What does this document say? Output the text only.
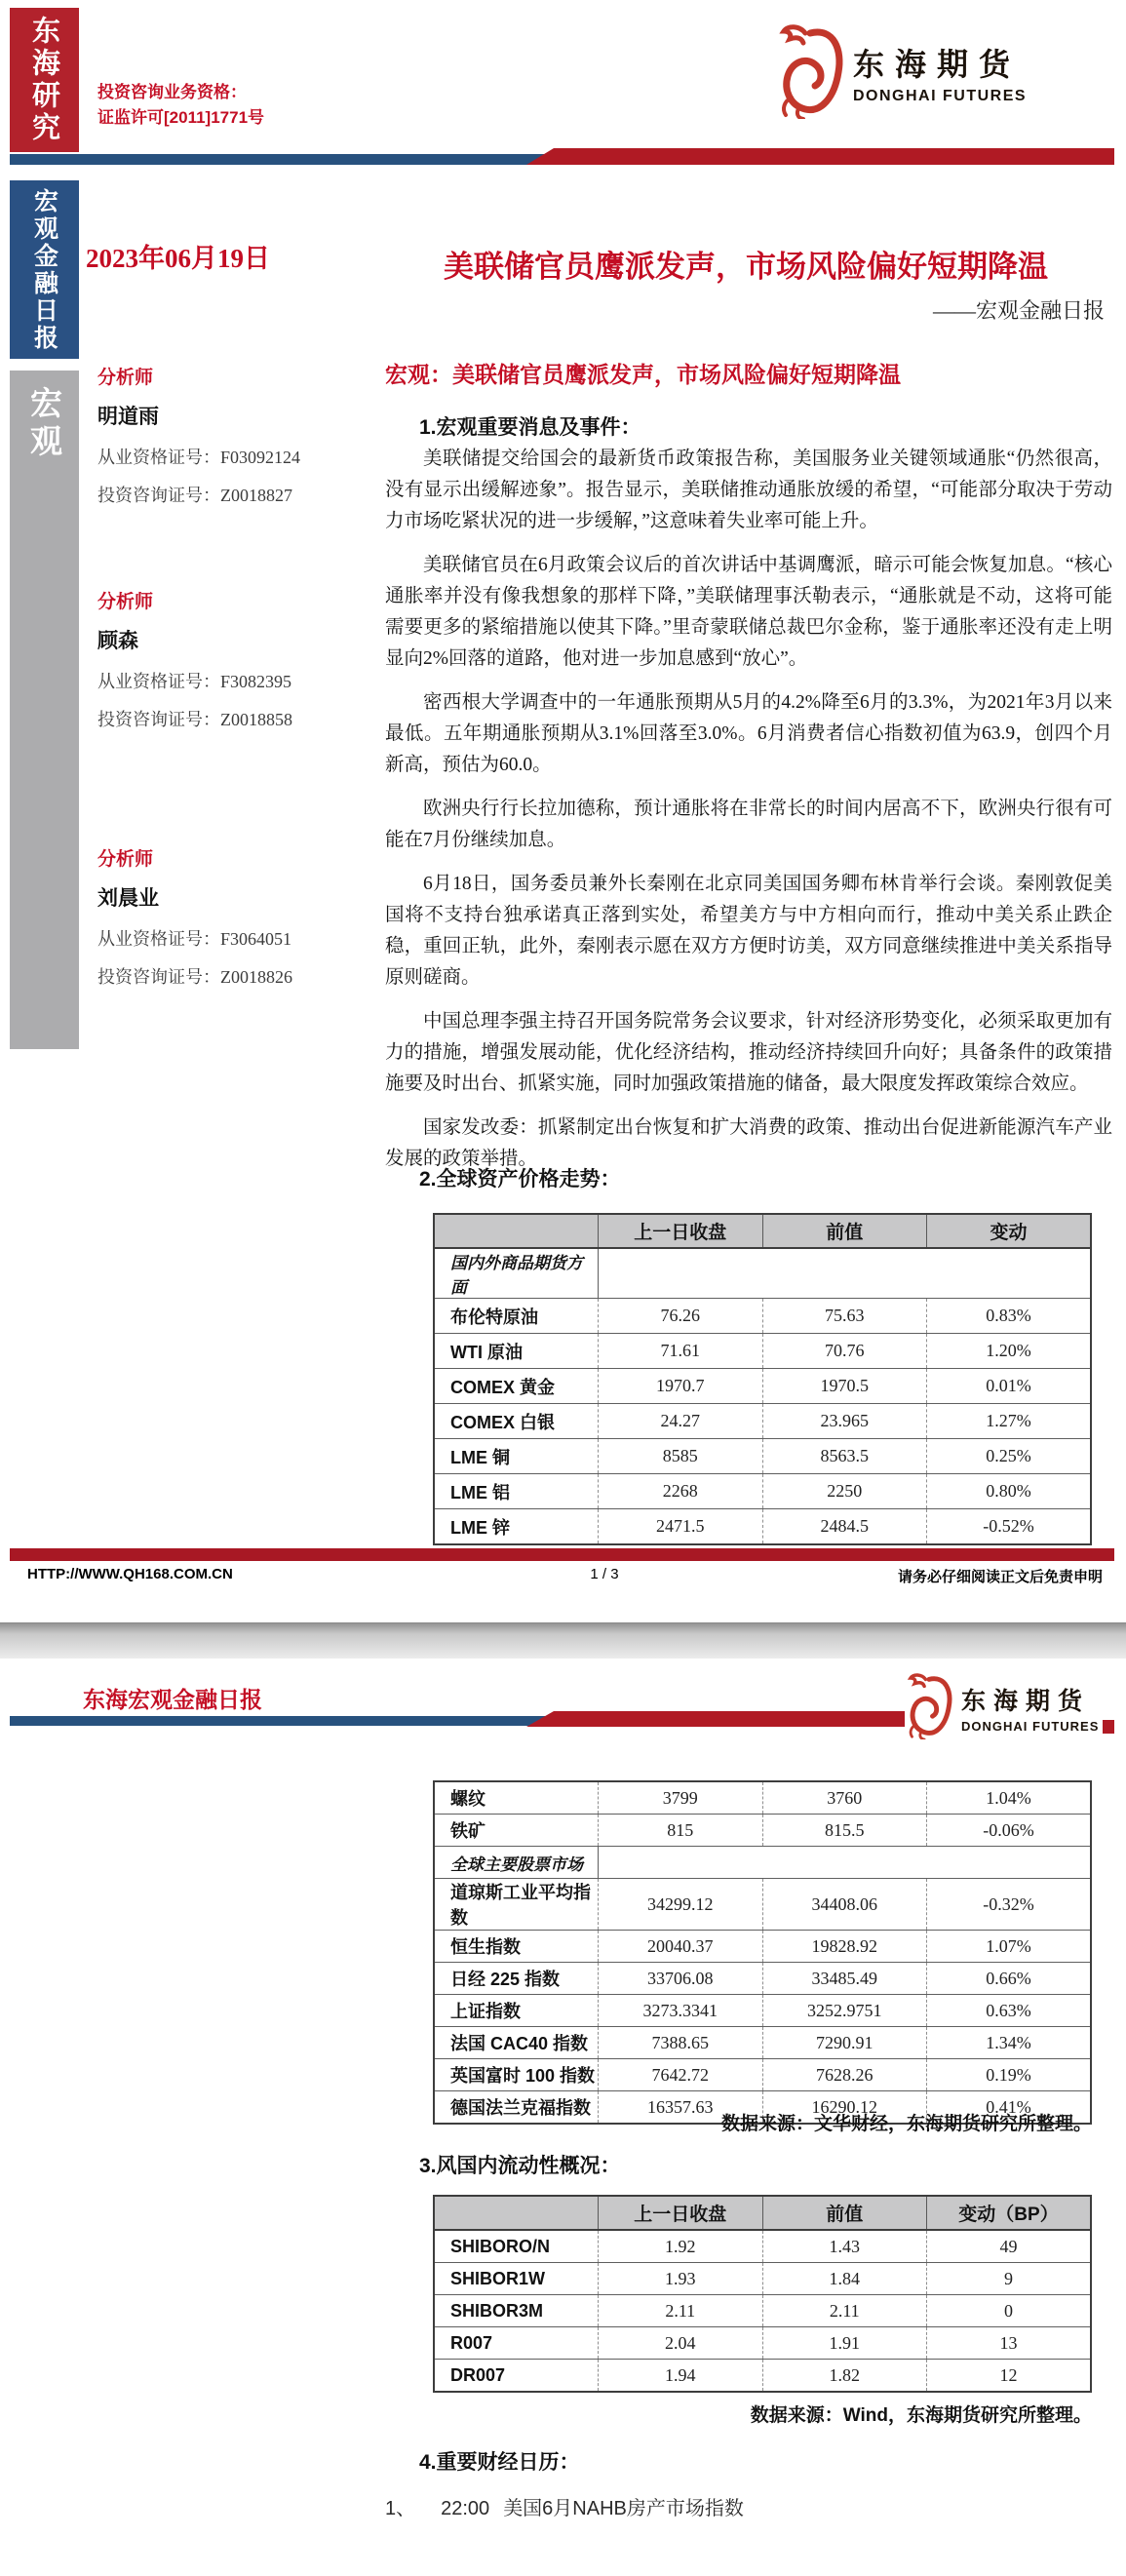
东海研究 投资咨询业务资格：
证监许可[2011]1771号
东海期货
DONGHAI FUTURES
宏观金融日报
宏观
2023年06月19日	美联储官员鹰派发声，市场风险偏好短期降温
——宏观金融日报
分析师
明道雨
从业资格证号：F03092124
投资咨询证号：Z0018827
分析师
顾森
从业资格证号：F3082395
投资咨询证号：Z0018858
分析师
刘晨业
从业资格证号：F3064051
投资咨询证号：Z0018826
宏观：美联储官员鹰派发声，市场风险偏好短期降温
1.宏观重要消息及事件：

美联储提交给国会的最新货币政策报告称，美国服务业关键领域通胀“仍然很高，没有显示出缓解迹象”。报告显示，美联储推动通胀放缓的希望，“可能部分取决于劳动力市场吃紧状况的进一步缓解，”这意味着失业率可能上升。

美联储官员在6月政策会议后的首次讲话中基调鹰派，暗示可能会恢复加息。“核心通胀率并没有像我想象的那样下降，”美联储理事沃勒表示，“通胀就是不动，这将可能需要更多的紧缩措施以使其下降。”里奇蒙联储总裁巴尔金称，鉴于通胀率还没有走上明显向2%回落的道路，他对进一步加息感到“放心”。

密西根大学调查中的一年通胀预期从5月的4.2%降至6月的3.3%，为2021年3月以来最低。五年期通胀预期从3.1%回落至3.0%。6月消费者信心指数初值为63.9，创四个月新高，预估为60.0。

欧洲央行行长拉加德称，预计通胀将在非常长的时间内居高不下，欧洲央行很有可能在7月份继续加息。

6月18日，国务委员兼外长秦刚在北京同美国国务卿布林肯举行会谈。秦刚敦促美国将不支持台独承诺真正落到实处，希望美方与中方相向而行，推动中美关系止跌企稳，重回正轨，此外，秦刚表示愿在双方方便时访美，双方同意继续推进中美关系指导原则磋商。

中国总理李强主持召开国务院常务会议要求，针对经济形势变化，必须采取更加有力的措施，增强发展动能，优化经济结构，推动经济持续回升向好；具备条件的政策措施要及时出台、抓紧实施，同时加强政策措施的储备，最大限度发挥政策综合效应。

国家发改委：抓紧制定出台恢复和扩大消费的政策、推动出台促进新能源汽车产业发展的政策举措。

2.全球资产价格走势：
	上一日收盘	前值	变动
国内外商品期货方面			
布伦特原油	76.26	75.63	0.83%
WTI 原油	71.61	70.76	1.20%
COMEX 黄金	1970.7	1970.5	0.01%
COMEX 白银	24.27	23.965	1.27%
LME 铜	8585	8563.5	0.25%
LME 铝	2268	2250	0.80%
LME 锌	2471.5	2484.5	-0.52%
HTTP://WWW.QH168.COM.CN	1 / 3	请务必仔细阅读正文后免责申明
东海宏观金融日报	东海期货
DONGHAI FUTURES
螺纹	3799	3760	1.04%
铁矿	815	815.5	-0.06%
全球主要股票市场			
道琼斯工业平均指数	34299.12	34408.06	-0.32%
恒生指数	20040.37	19828.92	1.07%
日经 225 指数	33706.08	33485.49	0.66%
上证指数	3273.3341	3252.9751	0.63%
法国 CAC40 指数	7388.65	7290.91	1.34%
英国富时 100 指数	7642.72	7628.26	0.19%
德国法兰克福指数	16357.63	16290.12	0.41%
数据来源：文华财经，东海期货研究所整理。
3.风国内流动性概况：
	上一日收盘	前值	变动（BP）
SHIBORO/N	1.92	1.43	49
SHIBOR1W	1.93	1.84	9
SHIBOR3M	2.11	2.11	0
R007	2.04	1.91	13
DR007	1.94	1.82	12
数据来源：Wind，东海期货研究所整理。
4.重要财经日历：
1、 22:00 美国6月NAHB房产市场指数
